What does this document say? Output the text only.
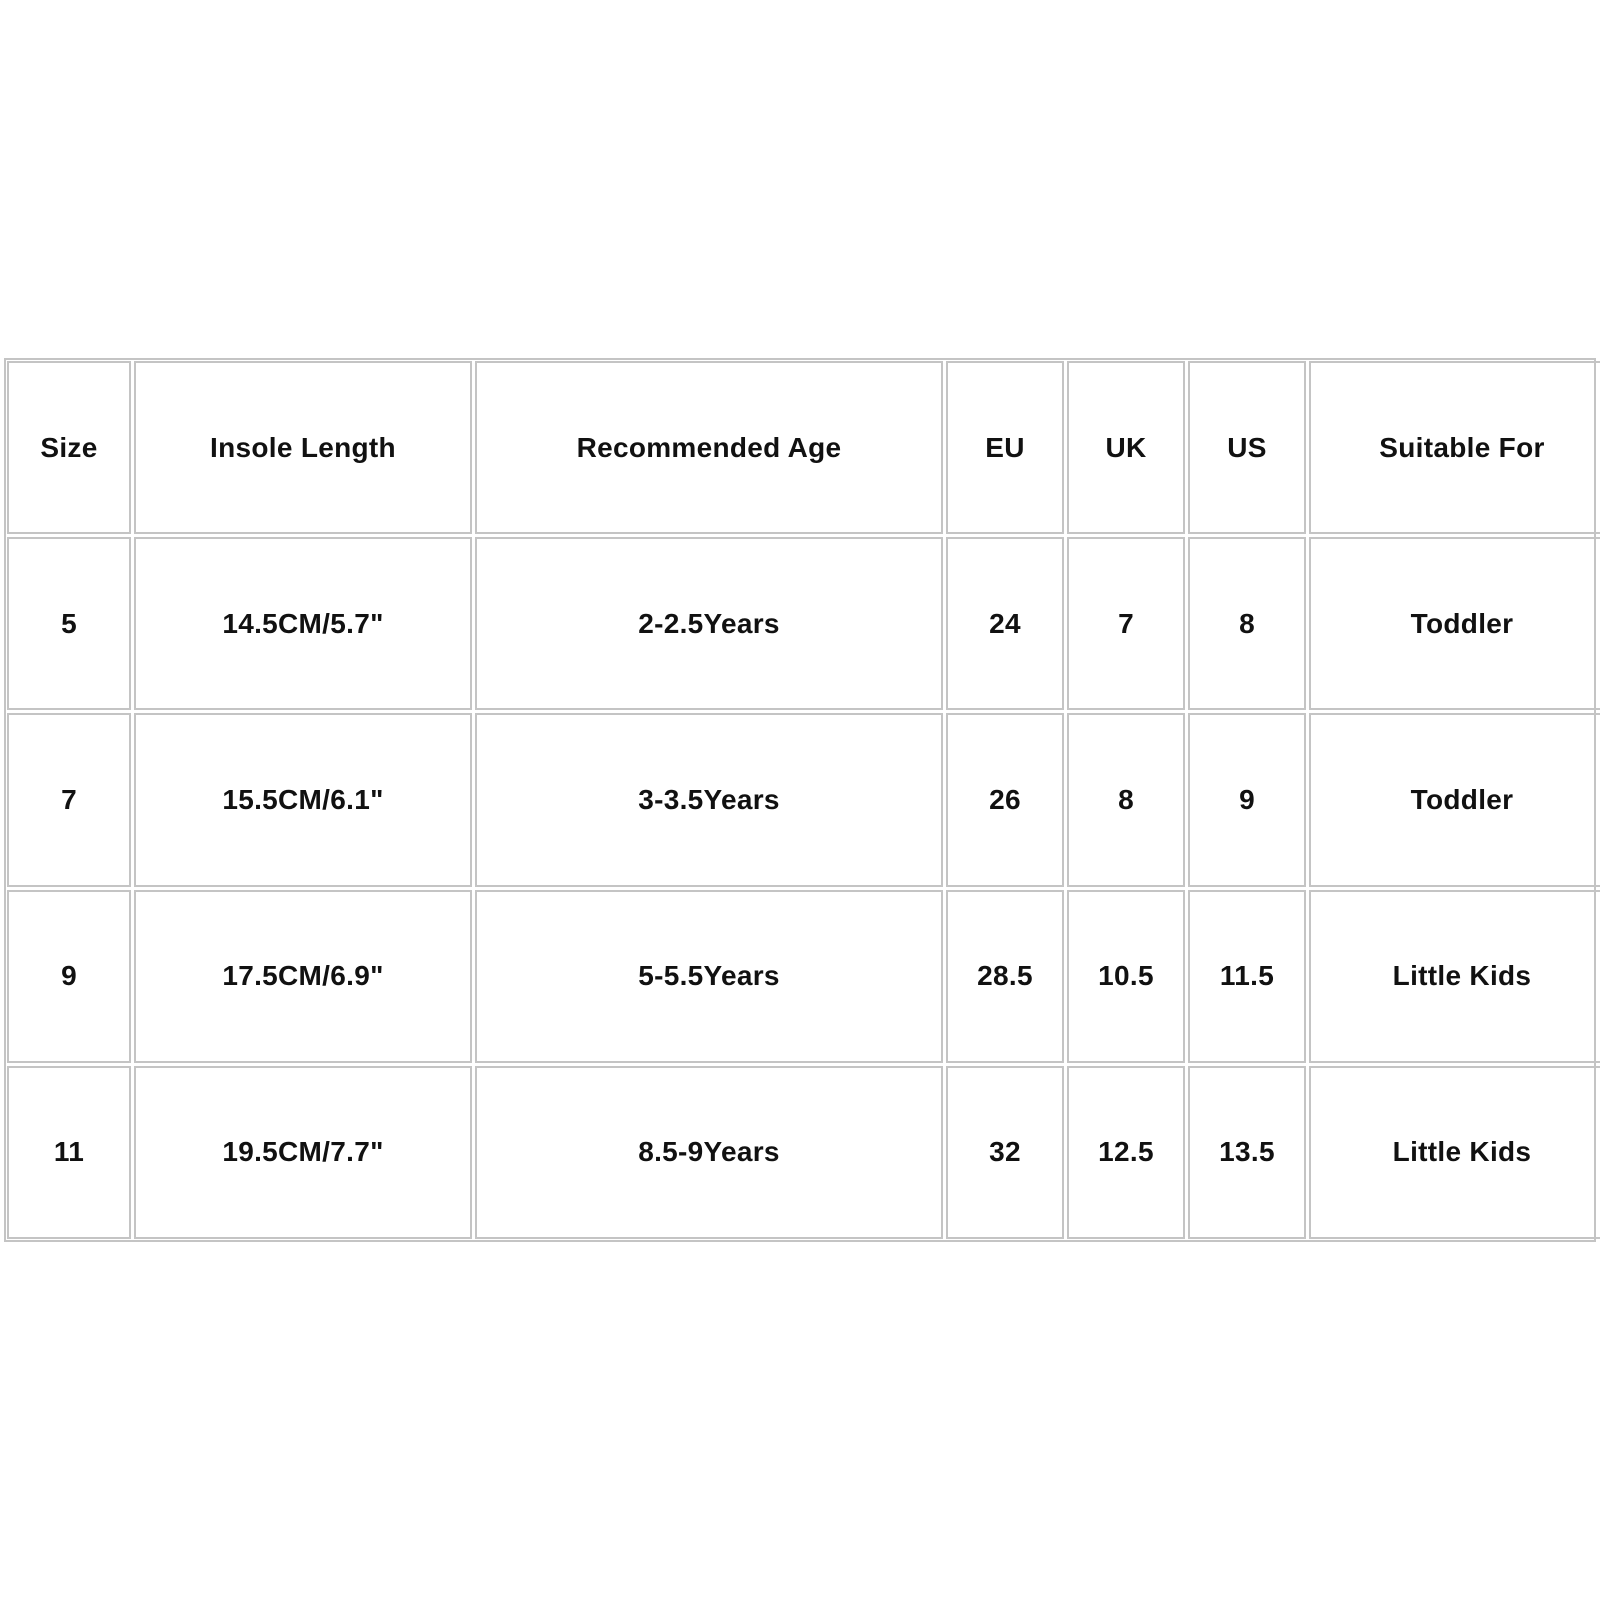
Size	Insole Length	Recommended Age	EU	UK	US	Suitable For
5	14.5CM/5.7"	2-2.5Years	24	7	8	Toddler
7	15.5CM/6.1"	3-3.5Years	26	8	9	Toddler
9	17.5CM/6.9"	5-5.5Years	28.5	10.5	11.5	Little Kids
11	19.5CM/7.7"	8.5-9Years	32	12.5	13.5	Little Kids
